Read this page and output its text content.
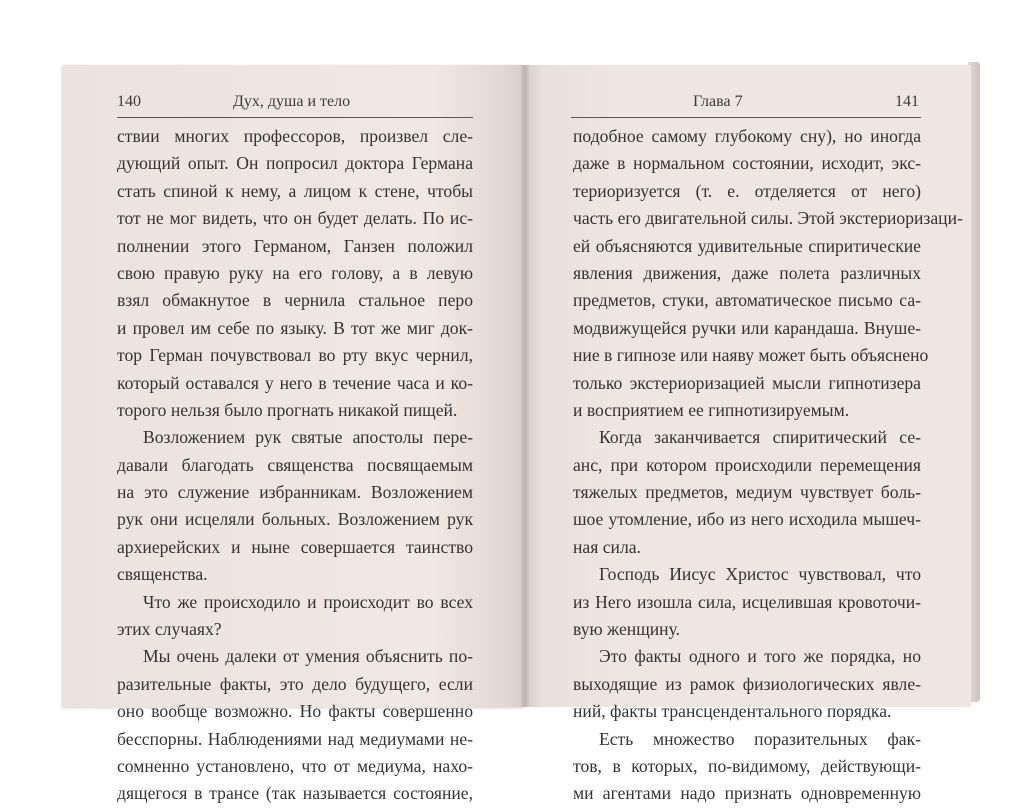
140	Дух, душа и тело
ствии многих профессоров, произвел сле-
дующий опыт. Он попросил доктора Германа
стать спиной к нему, а лицом к стене, чтобы
тот не мог видеть, что он будет делать. По ис-
полнении этого Германом, Ганзен положил
свою правую руку на его голову, а в левую
взял обмакнутое в чернила стальное перо
и провел им себе по языку. В тот же миг док-
тор Герман почувствовал во рту вкус чернил,
который оставался у него в течение часа и ко-
торого нельзя было прогнать никакой пищей.
Возложением рук святые апостолы пере-
давали благодать священства посвящаемым
на это служение избранникам. Возложением
рук они исцеляли больных. Возложением рук
архиерейских и ныне совершается таинство
священства.
Что же происходило и происходит во всех
этих случаях?
Мы очень далеки от умения объяснить по-
разительные факты, это дело будущего, если
оно вообще возможно. Но факты совершенно
бесспорны. Наблюдениями над медиумами не-
сомненно установлено, что от медиума, нахо-
дящегося в трансе (так называется состояние,
Глава 7	141
подобное самому глубокому сну), но иногда
даже в нормальном состоянии, исходит, экс-
териоризуется (т. е. отделяется от него)
часть его двигательной силы. Этой экстериоризаци-
ей объясняются удивительные спиритические
явления движения, даже полета различных
предметов, стуки, автоматическое письмо са-
модвижущейся ручки или карандаша. Внуше-
ние в гипнозе или наяву может быть объяснено
только экстериоризацией мысли гипнотизера
и восприятием ее гипнотизируемым.
Когда заканчивается спиритический се-
анс, при котором происходили перемещения
тяжелых предметов, медиум чувствует боль-
шое утомление, ибо из него исходила мышеч-
ная сила.
Господь Иисус Христос чувствовал, что
из Него изошла сила, исцелившая кровоточи-
вую женщину.
Это факты одного и того же порядка, но
выходящие из рамок физиологических явле-
ний, факты трансцендентального порядка.
Есть множество поразительных фак-
тов, в которых, по-видимому, действующи-
ми агентами надо признать одновременную
